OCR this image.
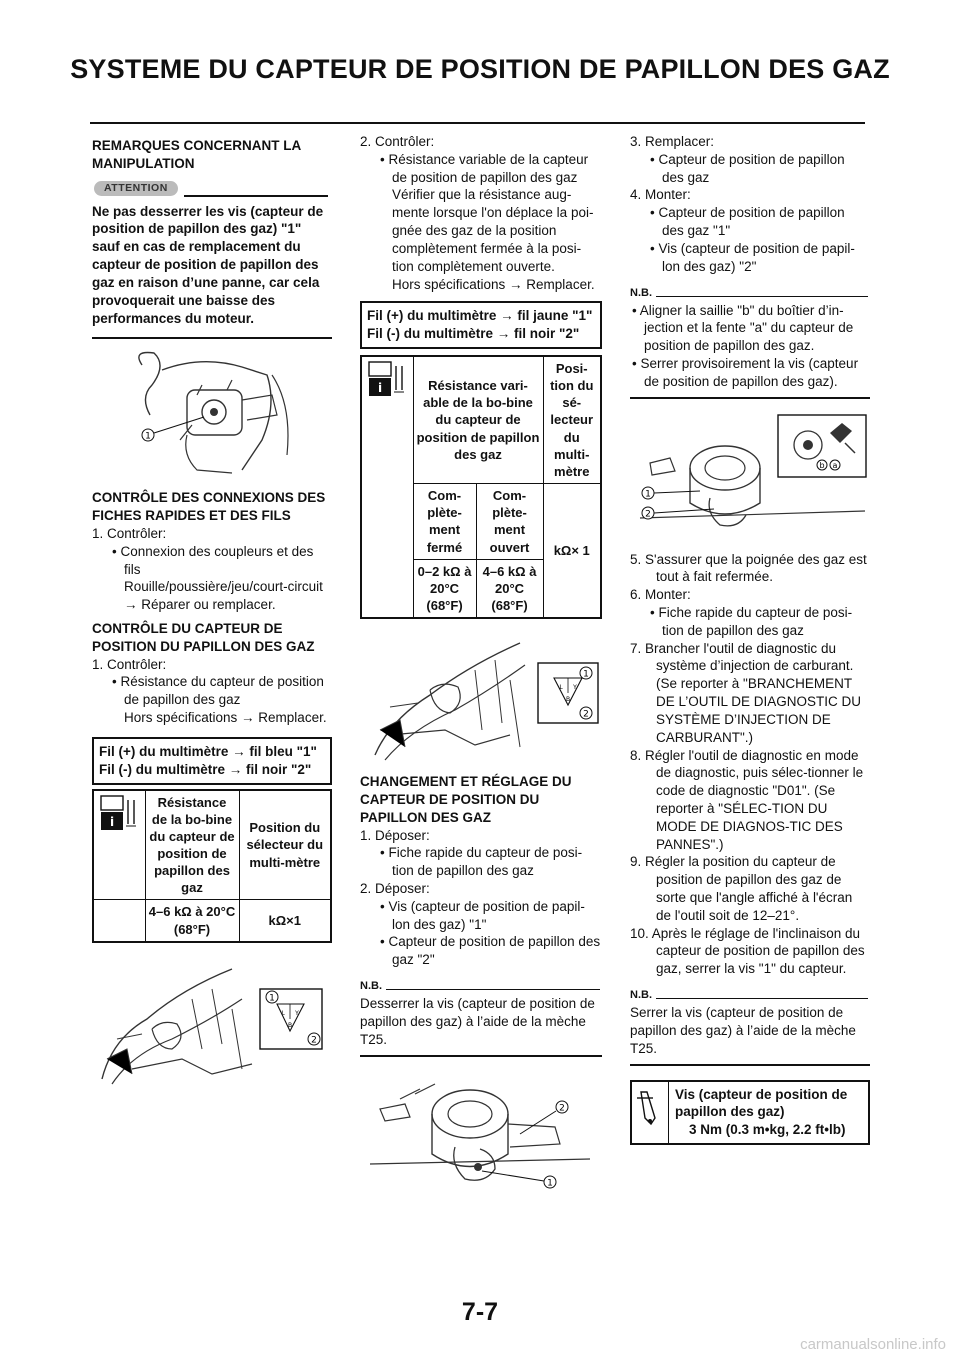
SYSTEME DU CAPTEUR DE POSITION DE PAPILLON DES GAZ
REMARQUES CONCERNANT LA MANIPULATION
ATTENTION
Ne pas desserrer les vis (capteur de position de papillon des gaz) "1" sauf en cas de remplacement du capteur de position de papillon des gaz en raison d’une panne, car cela provoquerait une baisse des performances du moteur.
1
CONTRÔLE DES CONNEXIONS DES FICHES RAPIDES ET DES FILS
1. Contrôler:
• Connexion des coupleurs et des fils
Rouille/poussière/jeu/court-circuit
→ Réparer ou remplacer.
CONTRÔLE DU CAPTEUR DE POSITION DU PAPILLON DES GAZ
1. Contrôler:
• Résistance du capteur de position de papillon des gaz
Hors spécifications → Remplacer.
Fil (+) du multimètre → fil bleu "1"
Fil (-) du multimètre → fil noir "2"
i	Résistance de la bo-bine du capteur de position de papillon des gaz	Position du sélecteur du multi-mètre
	4–6 kΩ à 20°C (68°F)	kΩ×1
L Y
B
1
2
2. Contrôler:
• Résistance variable de la capteur de position de papillon des gaz
Vérifier que la résistance aug-mente lorsque l'on déplace la poi-gnée des gaz de la position complètement fermée à la posi-tion complètement ouverte.
Hors spécifications → Remplacer.
Fil (+) du multimètre → fil jaune "1"
Fil (-) du multimètre → fil noir "2"
i	Résistance vari-able de la bo-bine du capteur de position de papillon des gaz		Posi-tion du sé-lecteur du multi-mètre
	Com-plète-ment fermé	Com-plète-ment ouvert	kΩ× 1
	0–2 kΩ à 20°C (68°F)	4–6 kΩ à 20°C (68°F)	
L Y
B
1
2
CHANGEMENT ET RÉGLAGE DU CAPTEUR DE POSITION DU PAPILLON DES GAZ
1. Déposer:
• Fiche rapide du capteur de posi-tion de papillon des gaz
2. Déposer:
• Vis (capteur de position de papil-lon des gaz) "1"
• Capteur de position de papillon des gaz "2"
N.B.
Desserrer la vis (capteur de position de papillon des gaz) à l’aide de la mèche T25.
2
1
3. Remplacer:
• Capteur de position de papillon des gaz
4. Monter:
• Capteur de position de papillon des gaz "1"
• Vis (capteur de position de papil-lon des gaz) "2"
N.B.
• Aligner la saillie "b" du boîtier d’in-jection et la fente "a" du capteur de position de papillon des gaz.
• Serrer provisoirement la vis (capteur de position de papillon des gaz).
b a
1
2
5. S'assurer que la poignée des gaz est tout à fait refermée.
6. Monter:
• Fiche rapide du capteur de posi-tion de papillon des gaz
7. Brancher l'outil de diagnostic du système d’injection de carburant. (Se reporter à "BRANCHEMENT DE L’OUTIL DE DIAGNOSTIC DU SYSTÈME D’INJECTION DE CARBURANT".)
8. Régler l'outil de diagnostic en mode de diagnostic, puis sélec-tionner le code de diagnostic "D01". (Se reporter à "SÉLEC-TION DU MODE DE DIAGNOS-TIC DES PANNES".)
9. Régler la position du capteur de position de papillon des gaz de sorte que l'angle affiché à l'écran de l'outil soit de 12–21°.
10. Après le réglage de l'inclinaison du capteur de position de papillon des gaz, serrer la vis "1" du capteur.
N.B.
Serrer la vis (capteur de position de papillon des gaz) à l’aide de la mèche T25.
Vis (capteur de position de papillon des gaz)
3 Nm (0.3 m•kg, 2.2 ft•lb)
7-7
carmanualsonline.info
